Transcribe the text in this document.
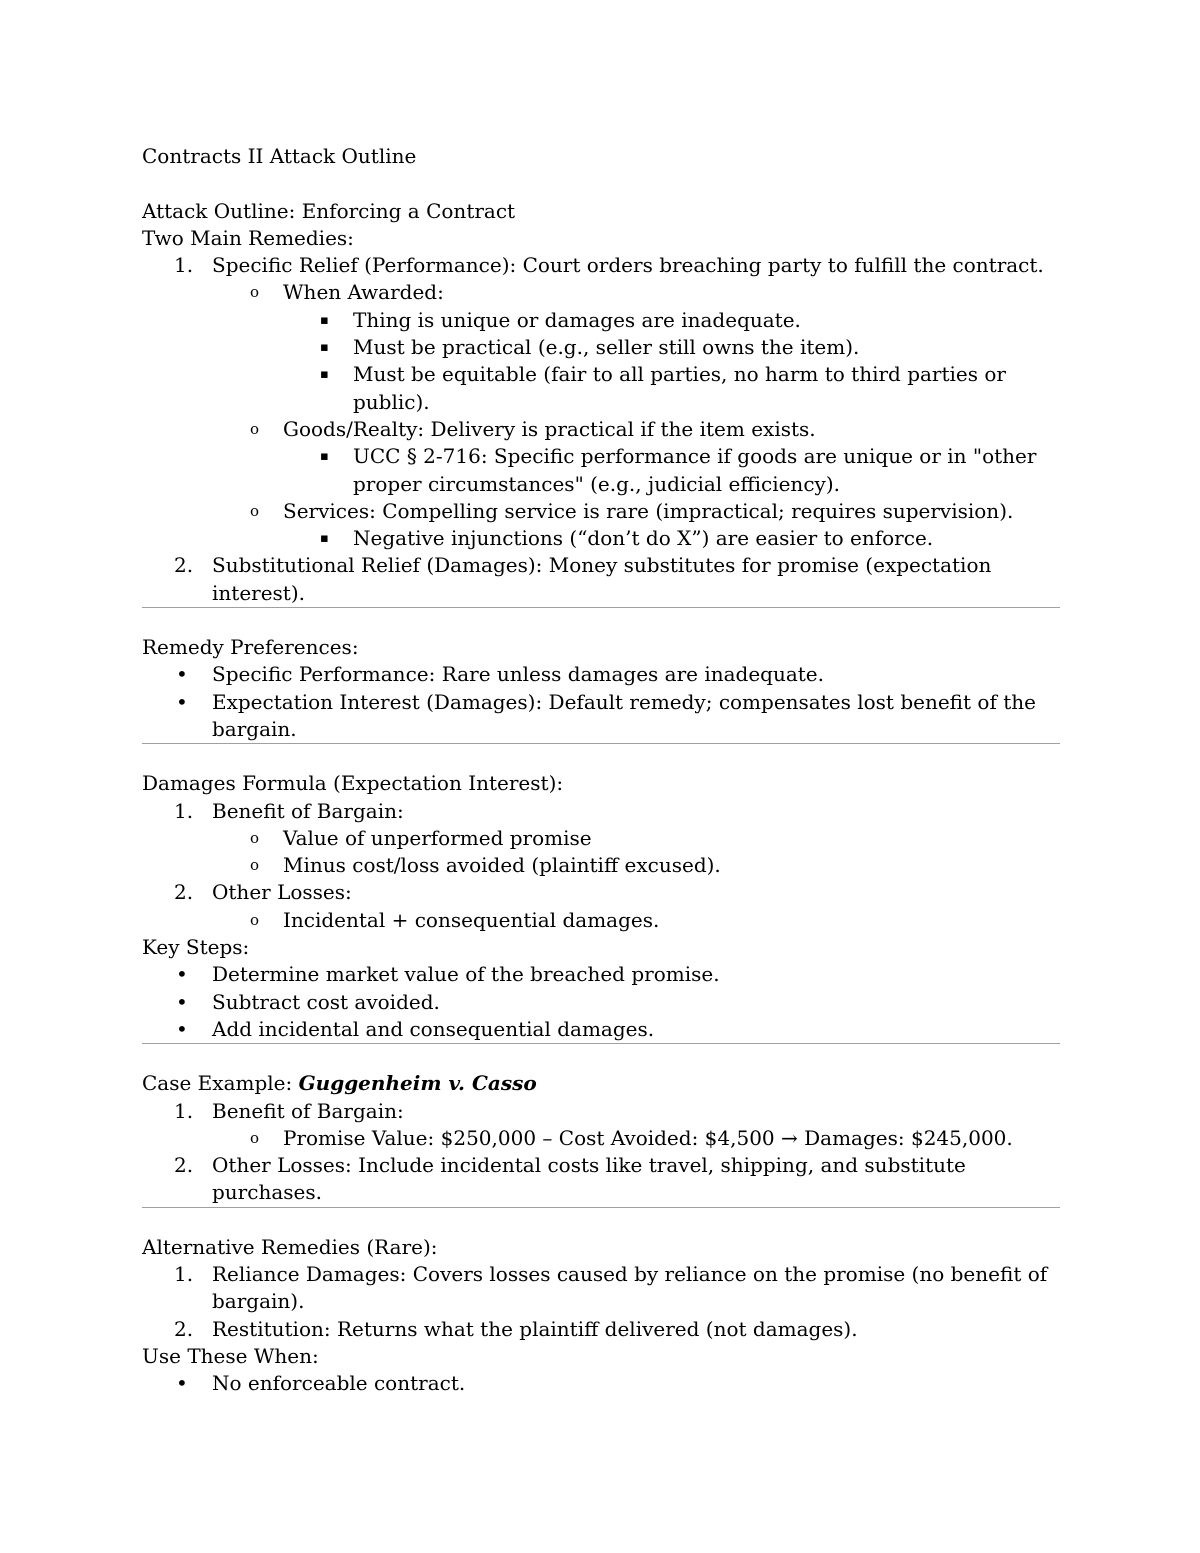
Contracts II Attack Outline
Attack Outline: Enforcing a Contract
Two Main Remedies:
1. Specific Relief (Performance): Court orders breaching party to fulfill the contract.
o When Awarded:
▪ Thing is unique or damages are inadequate.
▪ Must be practical (e.g., seller still owns the item).
▪ Must be equitable (fair to all parties, no harm to third parties or public).
o Goods/Realty: Delivery is practical if the item exists.
▪ UCC § 2-716: Specific performance if goods are unique or in "other proper circumstances" (e.g., judicial efficiency).
o Services: Compelling service is rare (impractical; requires supervision).
▪ Negative injunctions (“don’t do X”) are easier to enforce.
2. Substitutional Relief (Damages): Money substitutes for promise (expectation interest).
Remedy Preferences:
• Specific Performance: Rare unless damages are inadequate.
• Expectation Interest (Damages): Default remedy; compensates lost benefit of the bargain.
Damages Formula (Expectation Interest):
1. Benefit of Bargain:
o Value of unperformed promise
o Minus cost/loss avoided (plaintiff excused).
2. Other Losses:
o Incidental + consequential damages.
Key Steps:
• Determine market value of the breached promise.
• Subtract cost avoided.
• Add incidental and consequential damages.
Case Example: Guggenheim v. Casso
1. Benefit of Bargain:
o Promise Value: $250,000 – Cost Avoided: $4,500 → Damages: $245,000.
2. Other Losses: Include incidental costs like travel, shipping, and substitute purchases.
Alternative Remedies (Rare):
1. Reliance Damages: Covers losses caused by reliance on the promise (no benefit of bargain).
2. Restitution: Returns what the plaintiff delivered (not damages).
Use These When:
• No enforceable contract.
